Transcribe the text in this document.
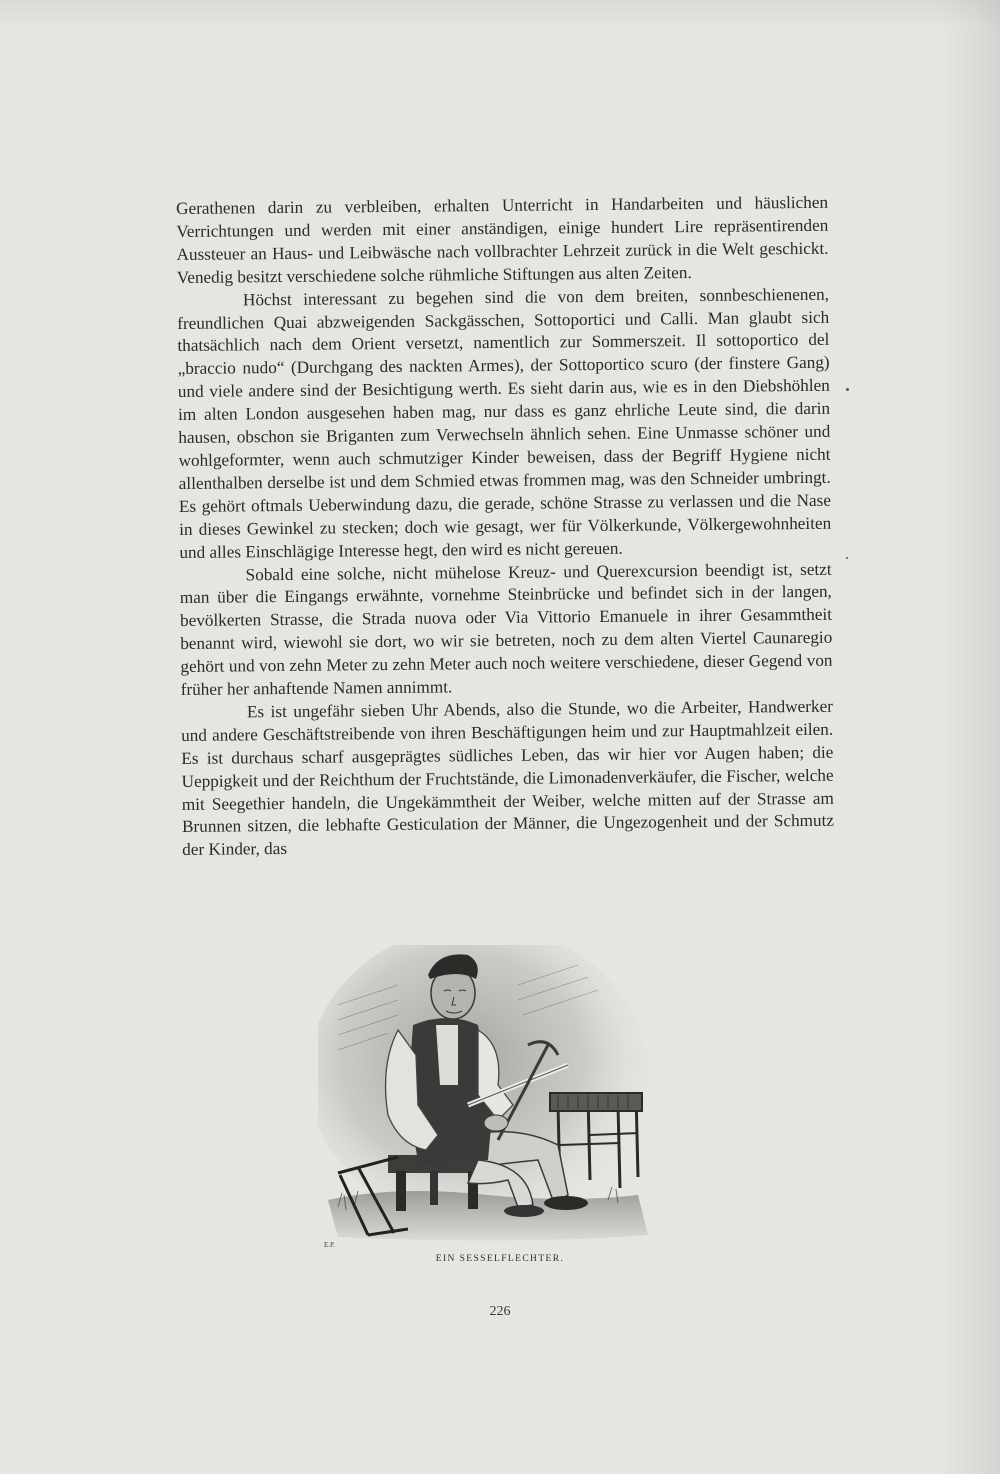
Gerathenen darin zu verbleiben, erhalten Unterricht in Handarbeiten und häuslichen Verrichtungen und werden mit einer anständigen, einige hundert Lire repräsentirenden Aussteuer an Haus- und Leibwäsche nach vollbrachter Lehrzeit zurück in die Welt geschickt. Venedig besitzt verschiedene solche rühmliche Stiftungen aus alten Zeiten.

Höchst interessant zu begehen sind die von dem breiten, sonnbeschienenen, freundlichen Quai abzweigenden Sackgässchen, Sottoportici und Calli. Man glaubt sich thatsächlich nach dem Orient versetzt, namentlich zur Sommerszeit. Il sottoportico del „braccio nudo“ (Durchgang des nackten Armes), der Sottoportico scuro (der finstere Gang) und viele andere sind der Besichtigung werth. Es sieht darin aus, wie es in den Diebshöhlen im alten London ausgesehen haben mag, nur dass es ganz ehrliche Leute sind, die darin hausen, obschon sie Briganten zum Verwechseln ähnlich sehen. Eine Unmasse schöner und wohlgeformter, wenn auch schmutziger Kinder beweisen, dass der Begriff Hygiene nicht allenthalben derselbe ist und dem Schmied etwas frommen mag, was den Schneider umbringt. Es gehört oftmals Ueberwindung dazu, die gerade, schöne Strasse zu verlassen und die Nase in dieses Gewinkel zu stecken; doch wie gesagt, wer für Völkerkunde, Völkergewohnheiten und alles Einschlägige Interesse hegt, den wird es nicht gereuen.

Sobald eine solche, nicht mühelose Kreuz- und Querexcursion beendigt ist, setzt man über die Eingangs erwähnte, vornehme Steinbrücke und befindet sich in der langen, bevölkerten Strasse, die Strada nuova oder Via Vittorio Emanuele in ihrer Gesammtheit benannt wird, wiewohl sie dort, wo wir sie betreten, noch zu dem alten Viertel Caunaregio gehört und von zehn Meter zu zehn Meter auch noch weitere verschiedene, dieser Gegend von früher her anhaftende Namen annimmt.

Es ist ungefähr sieben Uhr Abends, also die Stunde, wo die Arbeiter, Handwerker und andere Geschäftstreibende von ihren Beschäftigungen heim und zur Hauptmahlzeit eilen. Es ist durchaus scharf ausgeprägtes südliches Leben, das wir hier vor Augen haben; die Ueppigkeit und der Reichthum der Fruchtstände, die Limonadenverkäufer, die Fischer, welche mit Seegethier handeln, die Ungekämmtheit der Weiber, welche mitten auf der Strasse am Brunnen sitzen, die lebhafte Gesticulation der Männer, die Ungezogenheit und der Schmutz der Kinder, das

E.P.
EIN SESSELFLECHTER.
226
